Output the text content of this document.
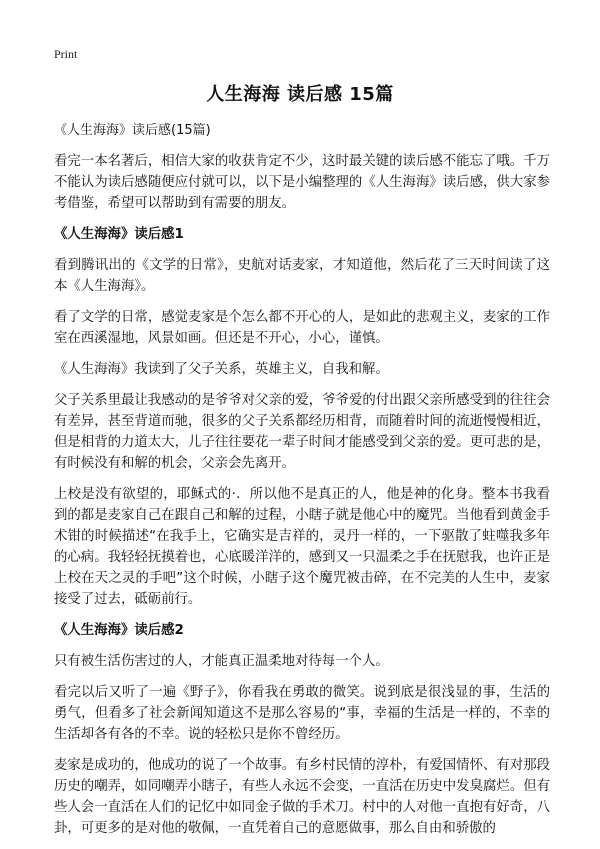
Print
人生海海 读后感 15篇

《人生海海》读后感(15篇)

看完一本名著后，相信大家的收获肯定不少，这时最关键的读后感不能忘了哦。千万不能认为读后感随便应付就可以，以下是小编整理的《人生海海》读后感，供大家参考借鉴，希望可以帮助到有需要的朋友。

《人生海海》读后感1

看到腾讯出的《文学的日常》，史航对话麦家，才知道他，然后花了三天时间读了这本《人生海海》。

看了文学的日常，感觉麦家是个怎么都不开心的人，是如此的悲观主义，麦家的工作室在西溪湿地，风景如画。但还是不开心，小心，谨慎。

《人生海海》我读到了父子关系，英雄主义，自我和解。

父子关系里最让我感动的是爷爷对父亲的爱，爷爷爱的付出跟父亲所感受到的往往会有差异，甚至背道而驰，很多的父子关系都经历相背，而随着时间的流逝慢慢相近，但是相背的力道太大，儿子往往要花一辈子时间才能感受到父亲的爱。更可悲的是，有时候没有和解的机会，父亲会先离开。

上校是没有欲望的，耶稣式的·．所以他不是真正的人，他是神的化身。整本书我看到的都是麦家自己在跟自己和解的过程，小瞎子就是他心中的魔咒。当他看到黄金手术钳的时候描述“在我手上，它确实是吉祥的，灵丹一样的，一下驱散了蛀噬我多年的心病。我轻轻抚摸着也，心底暖洋洋的，感到又一只温柔之手在抚慰我，也许正是上校在天之灵的手吧”这个时候，小瞎子这个魔咒被击碎，在不完美的人生中，麦家接受了过去，砥砺前行。

《人生海海》读后感2

只有被生活伤害过的人，才能真正温柔地对待每一个人。

看完以后又听了一遍《野子》，你看我在勇敢的微笑。说到底是很浅显的事，生活的勇气，但看多了社会新闻知道这不是那么容易的“事，幸福的生活是一样的，不幸的生活却各有各的不幸。说的轻松只是你不曾经历。

麦家是成功的，他成功的说了一个故事。有乡村民情的淳朴，有爱国情怀、有对那段历史的嘲弄，如同嘲弄小瞎子，有些人永远不会变，一直活在历史中发臭腐烂。但有些人会一直活在人们的记忆中如同金子做的手术刀。村中的人对他一直抱有好奇，八卦，可更多的是对他的敬佩，一直凭着自己的意愿做事，那么自由和骄傲的
